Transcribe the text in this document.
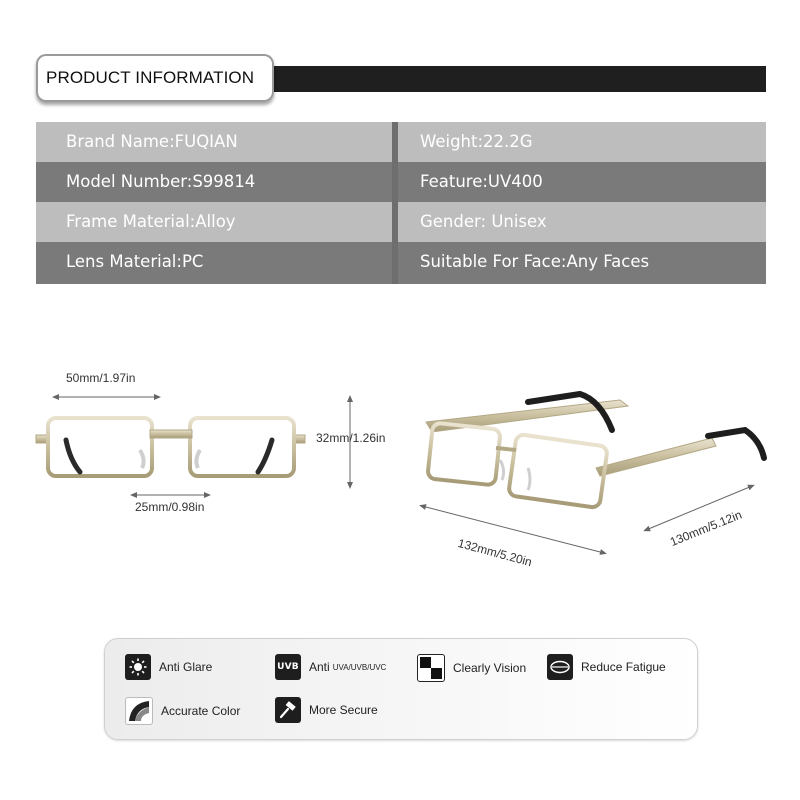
PRODUCT INFORMATION
Brand Name:FUQIAN	Weight:22.2G
Model Number:S99814	Feature:UV400
Frame Material:Alloy	Gender: Unisex
Lens Material:PC	Suitable For Face:Any Faces
50mm/1.97in
32mm/1.26in
25mm/0.98in
132mm/5.20in
130mm/5.12in
Anti Glare	UVB Anti UVA/UVB/UVC	Clearly Vision	Reduce Fatigue
Accurate Color	More Secure
